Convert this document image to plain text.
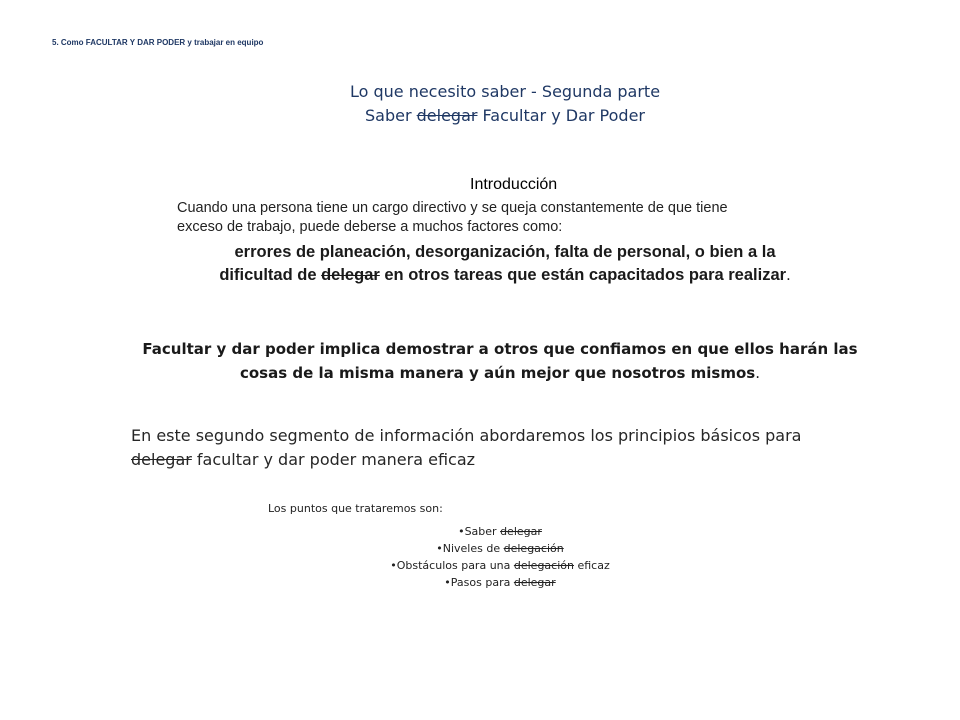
5. Como FACULTAR Y DAR PODER y trabajar en equipo
Lo que necesito saber - Segunda parte
Saber delegar Facultar y Dar Poder
Introducción
Cuando una persona tiene un cargo directivo y se queja constantemente de que tiene
exceso de trabajo, puede deberse a muchos factores como:
errores de planeación, desorganización, falta de personal, o bien a la
dificultad de delegar en otros tareas que están capacitados para realizar.
Facultar y dar poder implica demostrar a otros que confiamos en que ellos harán las
cosas de la misma manera y aún mejor que nosotros mismos.
En este segundo segmento de información abordaremos los principios básicos para
delegar facultar y dar poder manera eficaz
Los puntos que trataremos son:
•Saber delegar
•Niveles de delegación
•Obstáculos para una delegación eficaz
•Pasos para delegar
